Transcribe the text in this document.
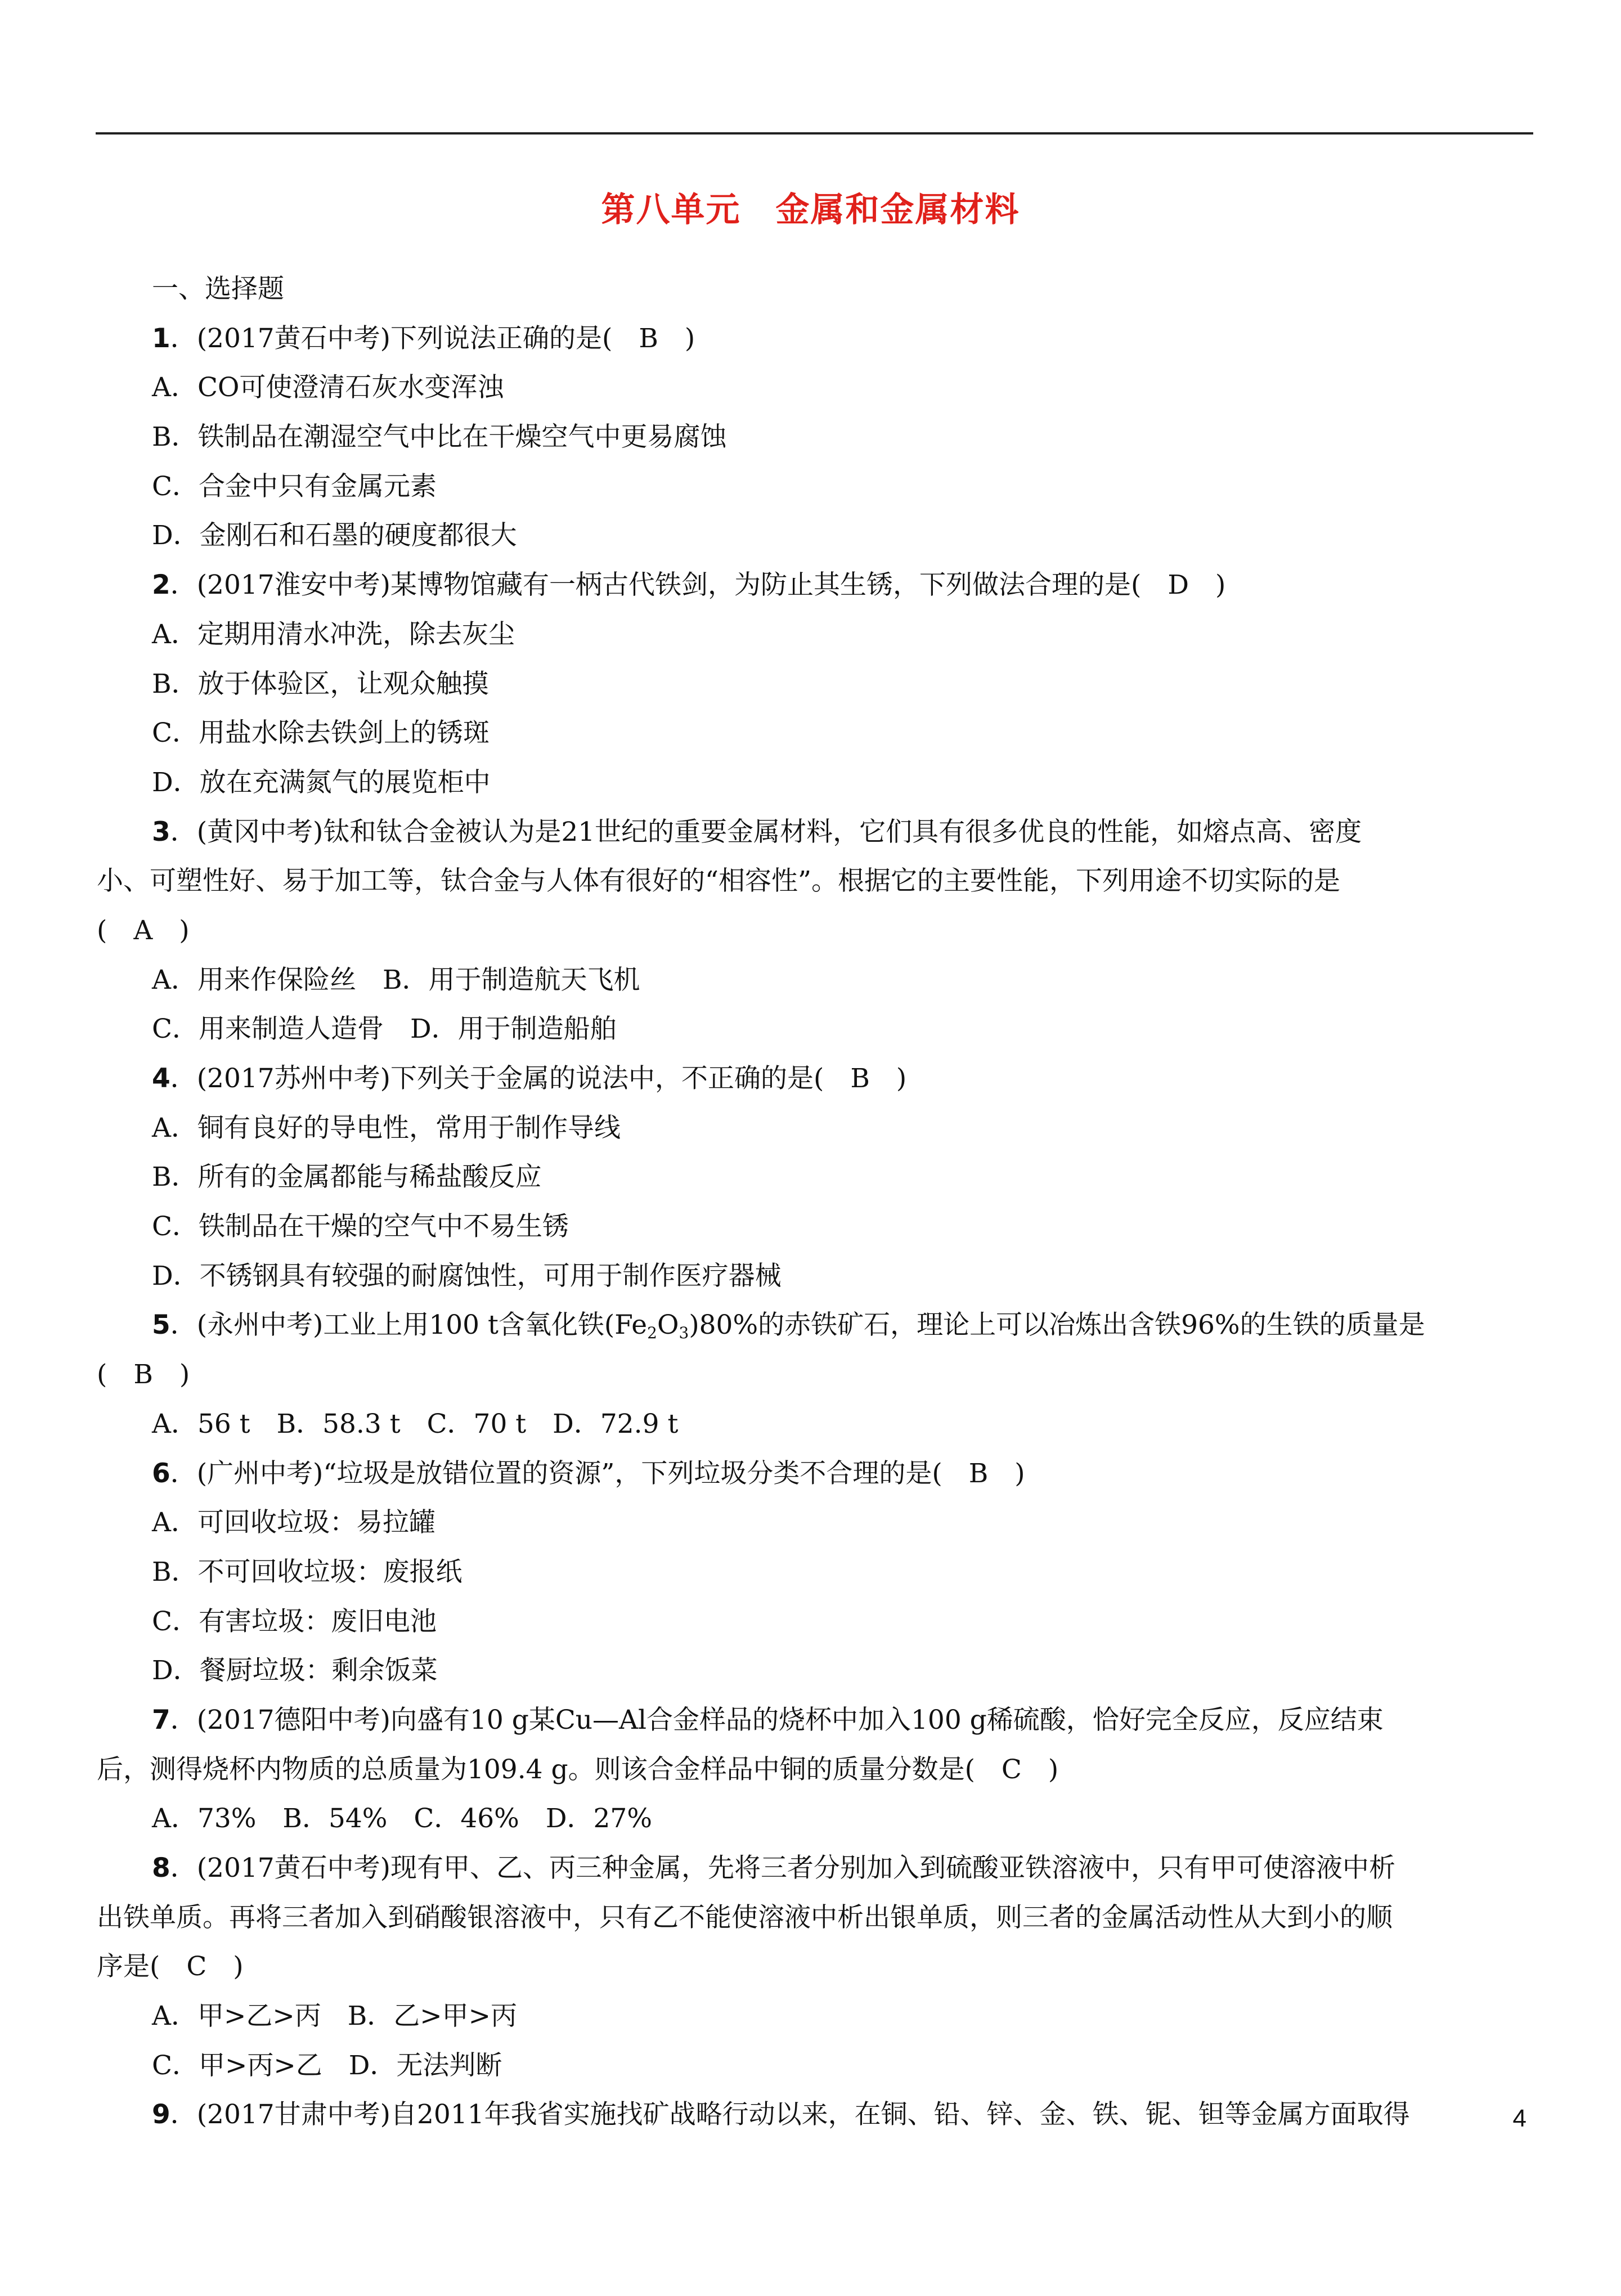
第八单元　金属和金属材料
一、选择题
1．(2017黄石中考)下列说法正确的是(　B　)
A．CO可使澄清石灰水变浑浊
B．铁制品在潮湿空气中比在干燥空气中更易腐蚀
C．合金中只有金属元素
D．金刚石和石墨的硬度都很大
2．(2017淮安中考)某博物馆藏有一柄古代铁剑，为防止其生锈，下列做法合理的是(　D　)
A．定期用清水冲洗，除去灰尘
B．放于体验区，让观众触摸
C．用盐水除去铁剑上的锈斑
D．放在充满氮气的展览柜中
3．(黄冈中考)钛和钛合金被认为是21世纪的重要金属材料，它们具有很多优良的性能，如熔点高、密度
小、可塑性好、易于加工等，钛合金与人体有很好的“相容性”。根据它的主要性能，下列用途不切实际的是
(　A　)
A．用来作保险丝　B．用于制造航天飞机
C．用来制造人造骨　D．用于制造船舶
4．(2017苏州中考)下列关于金属的说法中，不正确的是(　B　)
A．铜有良好的导电性，常用于制作导线
B．所有的金属都能与稀盐酸反应
C．铁制品在干燥的空气中不易生锈
D．不锈钢具有较强的耐腐蚀性，可用于制作医疗器械
5．(永州中考)工业上用100 t含氧化铁$(Fe_2O_3)80\%$的赤铁矿石，理论上可以冶炼出含铁96%的生铁的质量是
(　B　)
A．56 t　B．58.3 t　C．70 t　D．72.9 t
6．(广州中考)“垃圾是放错位置的资源”，下列垃圾分类不合理的是(　B　)
A．可回收垃圾：易拉罐
B．不可回收垃圾：废报纸
C．有害垃圾：废旧电池
D．餐厨垃圾：剩余饭菜
7．(2017德阳中考)向盛有10 g某Cu—Al合金样品的烧杯中加入100 g稀硫酸，恰好完全反应，反应结束
后，测得烧杯内物质的总质量为109.4 g。则该合金样品中铜的质量分数是(　C　)
A．73%　B．54%　C．46%　D．27%
8．(2017黄石中考)现有甲、乙、丙三种金属，先将三者分别加入到硫酸亚铁溶液中，只有甲可使溶液中析
出铁单质。再将三者加入到硝酸银溶液中，只有乙不能使溶液中析出银单质，则三者的金属活动性从大到小的顺
序是(　C　)
A．甲>乙>丙　B．乙>甲>丙
C．甲>丙>乙　D．无法判断
9．(2017甘肃中考)自2011年我省实施找矿战略行动以来，在铜、铅、锌、金、铁、铌、钽等金属方面取得	4
